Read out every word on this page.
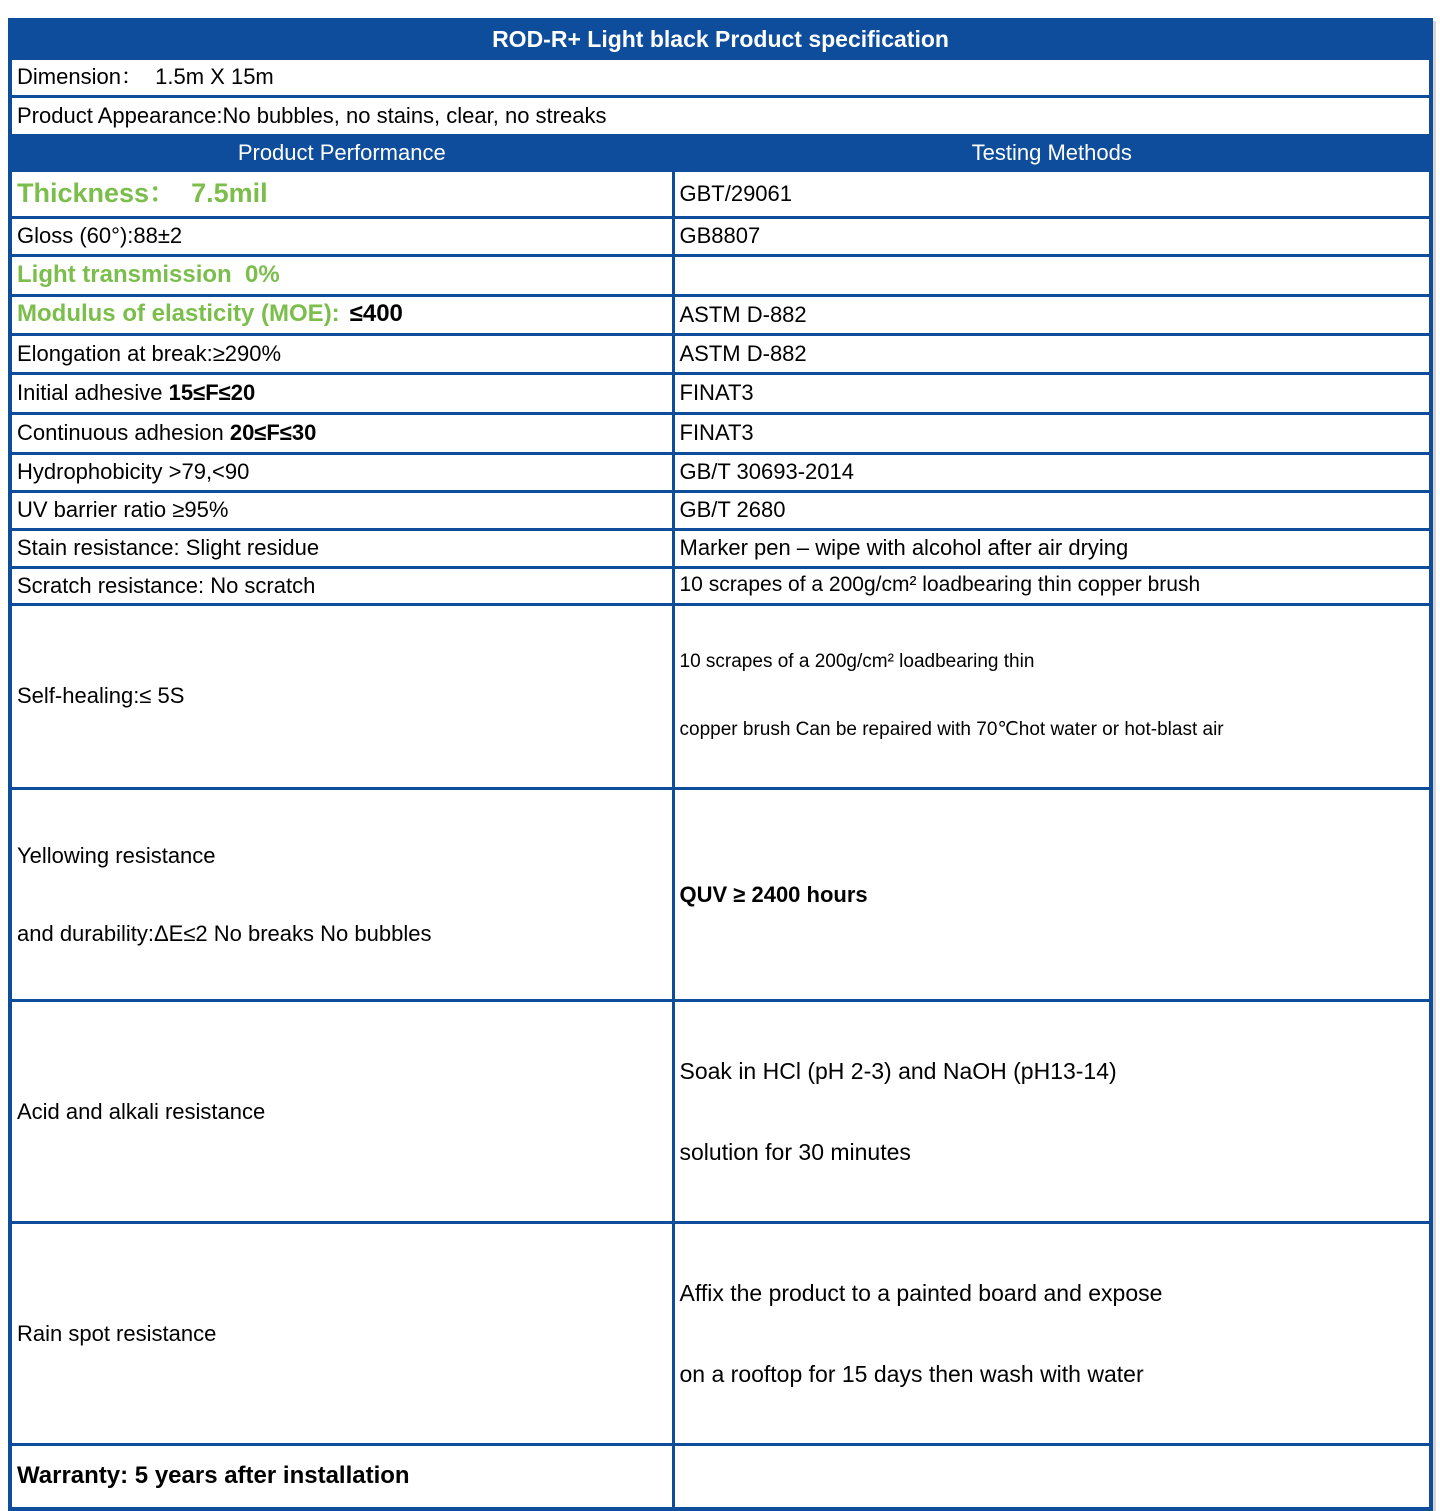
ROD-R+ Light black Product specification	
Dimension：  1.5m X 15m	
Product Appearance:No bubbles, no stains, clear, no streaks	
Product Performance	Testing Methods
Thickness：  7.5mil	GBT/29061
Gloss (60°):88±2	GB8807
Light transmission  0%	
Modulus of elasticity (MOE): ≤400	ASTM D-882
Elongation at break:≥290%	ASTM D-882
Initial adhesive 15≤F≤20	FINAT3
Continuous adhesion 20≤F≤30	FINAT3
Hydrophobicity >79,<90	GB/T 30693-2014
UV barrier ratio ≥95%	GB/T 2680
Stain resistance: Slight residue	Marker pen – wipe with alcohol after air drying
Scratch resistance: No scratch	10 scrapes of a 200g/cm² loadbearing thin copper brush
Self-healing:≤ 5S	10 scrapes of a 200g/cm² loadbearing thin

copper brush Can be repaired with 70℃hot water or hot-blast air

Yellowing resistance

and durability:ΔE≤2 No breaks No bubbles	QUV ≥ 2400 hours
Acid and alkali resistance	Soak in HCl (pH 2-3) and NaOH (pH13-14)

solution for 30 minutes

Rain spot resistance	Affix the product to a painted board and expose

on a rooftop for 15 days then wash with water

Warranty: 5 years after installation	
